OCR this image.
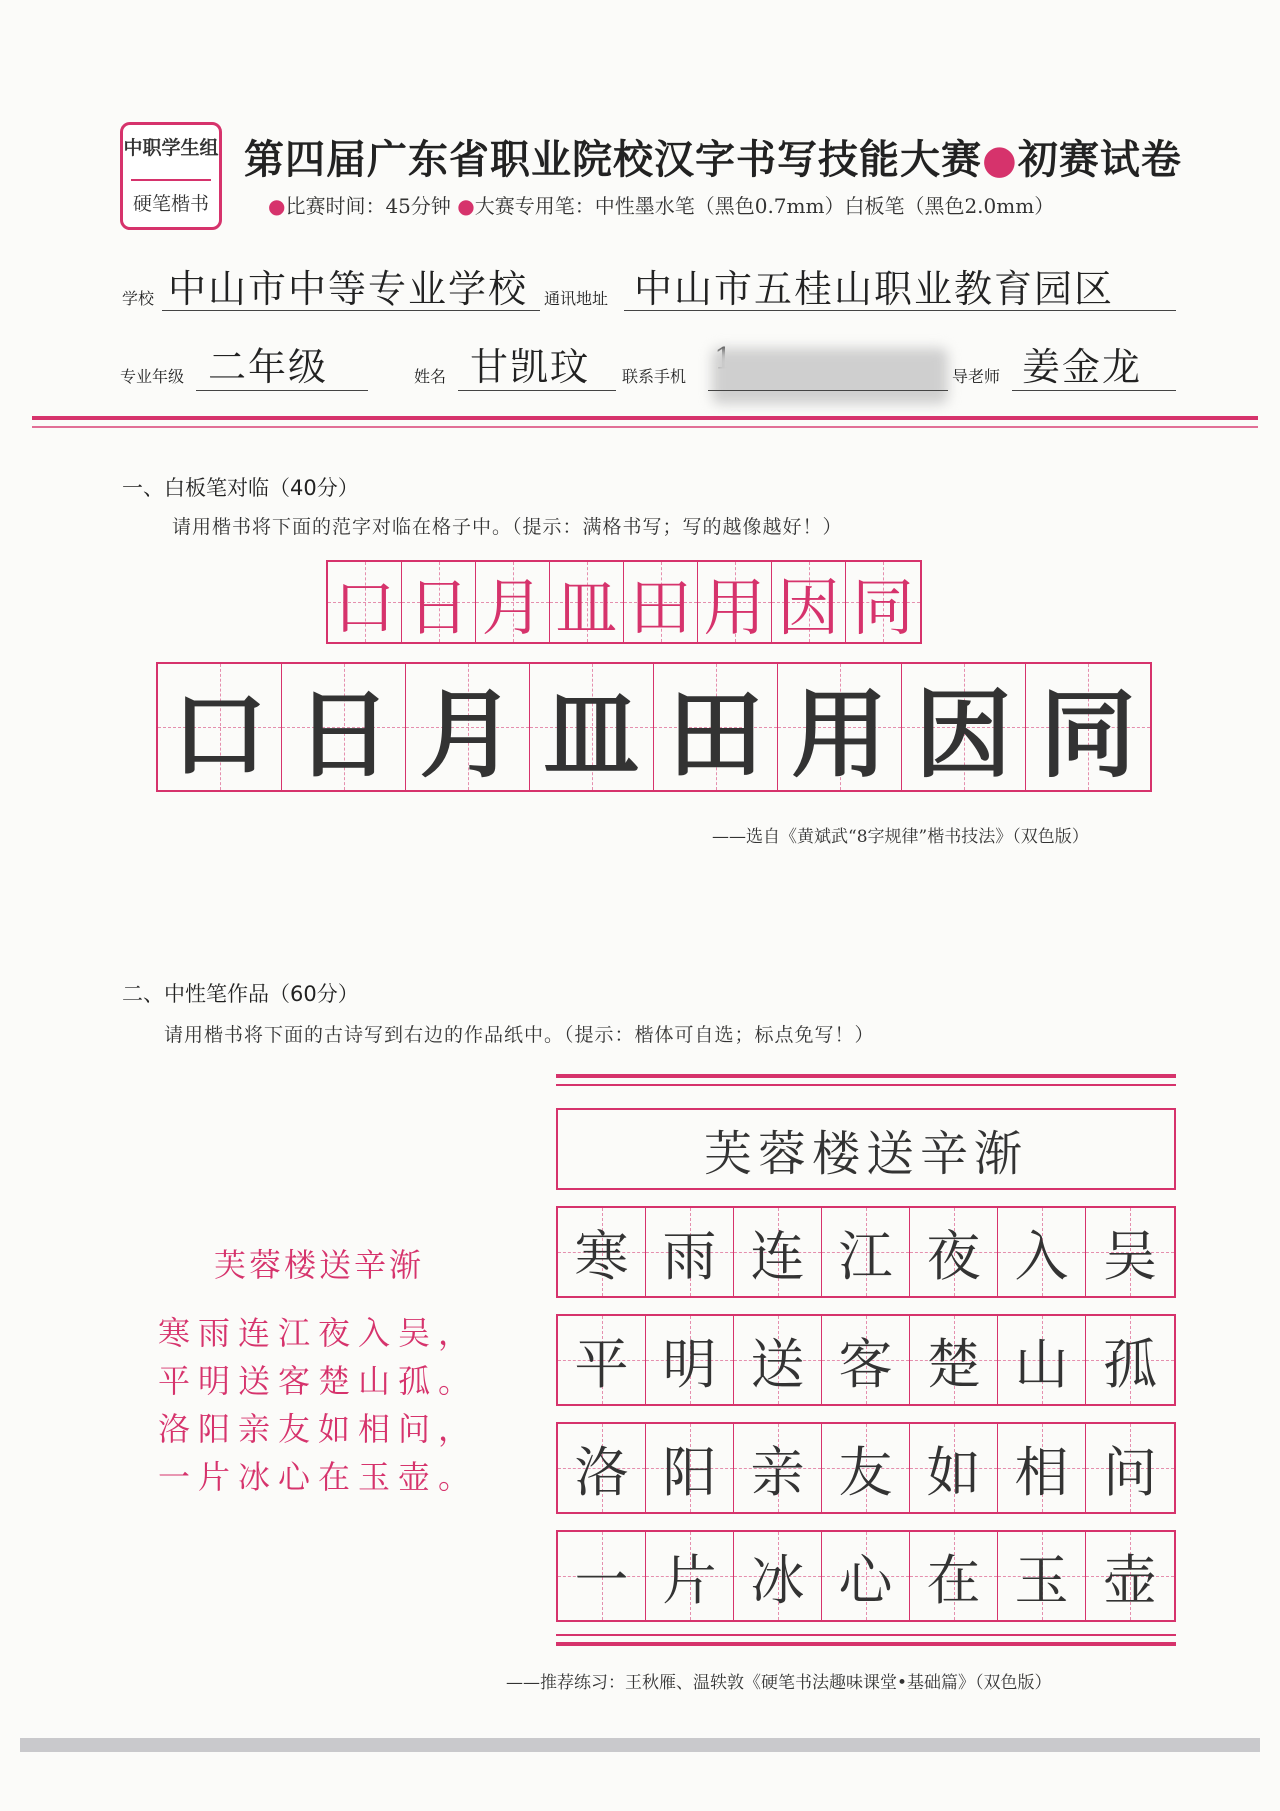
中职学生组
硬笔楷书
第四届广东省职业院校汉字书写技能大赛●初赛试卷
●比赛时间：45分钟 ●大赛专用笔：中性墨水笔（黑色0.7mm）白板笔（黑色2.0mm）
学校 中山市中等专业学校 通讯地址 中山市五桂山职业教育园区
专业年级 二年级	姓名 甘凯玟 联系手机	导老师 姜金龙
一、白板笔对临（40分）
请用楷书将下面的范字对临在格子中。（提示：满格书写；写的越像越好！）
口 日 月 皿 田 用 因 同
口 日 月 皿 田 用 因 同
——选自《黄斌武“8字规律”楷书技法》（双色版）
二、中性笔作品（60分）
请用楷书将下面的古诗写到右边的作品纸中。（提示：楷体可自选；标点免写！）
芙蓉楼送辛渐
寒雨连江夜入吴，
平明送客楚山孤。
洛阳亲友如相问，
一片冰心在玉壶。
芙蓉楼送辛渐
寒 雨 连 江 夜 入 吴
平 明 送 客 楚 山 孤
洛 阳 亲 友 如 相 问
一 片 冰 心 在 玉 壶
——推荐练习：王秋雁、温轶敦《硬笔书法趣味课堂•基础篇》（双色版）
